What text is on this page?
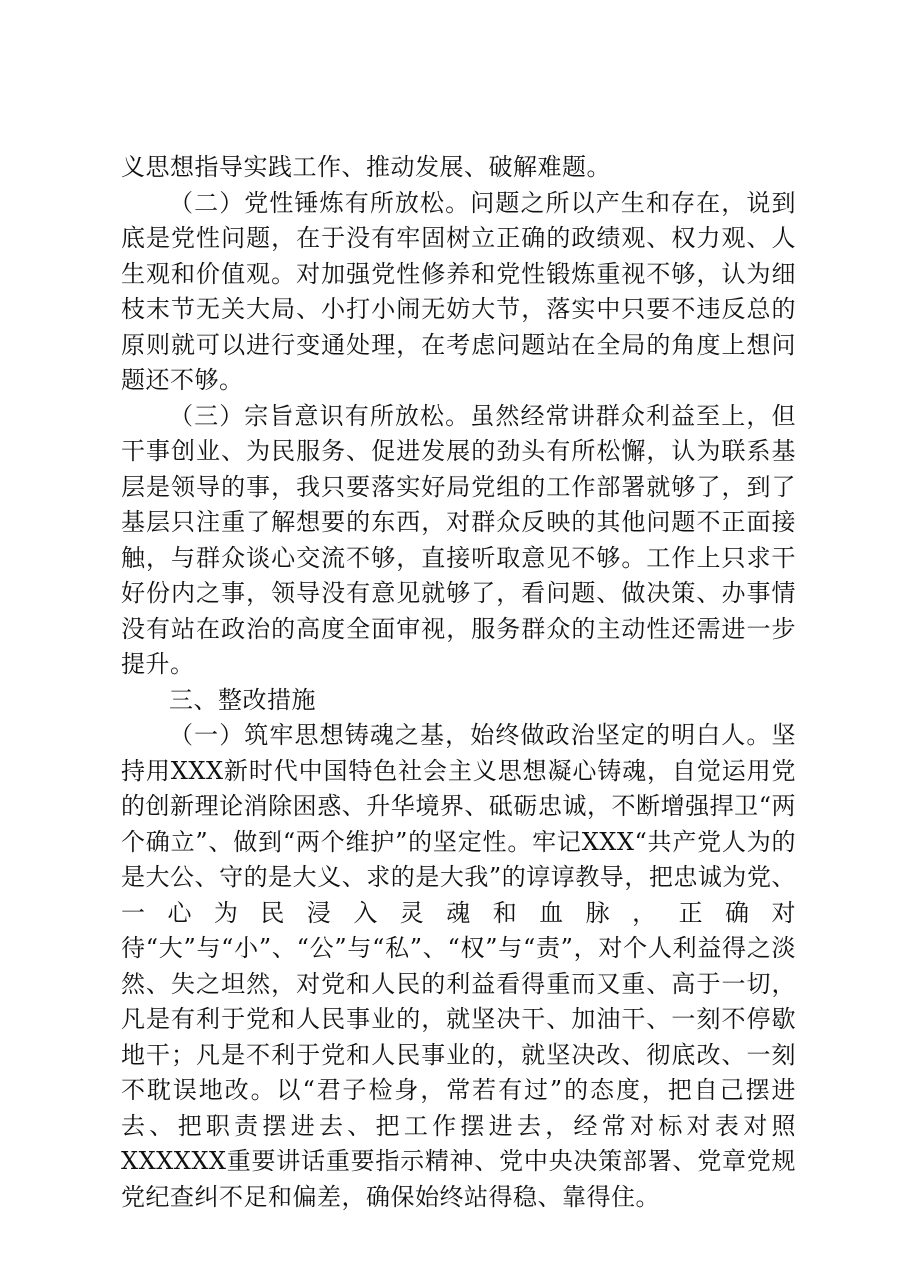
义思想指导实践工作、推动发展、破解难题。

（二）党性锤炼有所放松。问题之所以产生和存在，说到底是党性问题，在于没有牢固树立正确的政绩观、权力观、人生观和价值观。对加强党性修养和党性锻炼重视不够，认为细枝末节无关大局、小打小闹无妨大节，落实中只要不违反总的原则就可以进行变通处理，在考虑问题站在全局的角度上想问题还不够。

（三）宗旨意识有所放松。虽然经常讲群众利益至上，但干事创业、为民服务、促进发展的劲头有所松懈，认为联系基层是领导的事，我只要落实好局党组的工作部署就够了，到了基层只注重了解想要的东西，对群众反映的其他问题不正面接触，与群众谈心交流不够，直接听取意见不够。工作上只求干好份内之事，领导没有意见就够了，看问题、做决策、办事情没有站在政治的高度全面审视，服务群众的主动性还需进一步提升。

三、整改措施

（一）筑牢思想铸魂之基，始终做政治坚定的明白人。坚持用XXX新时代中国特色社会主义思想凝心铸魂，自觉运用党的创新理论消除困惑、升华境界、砥砺忠诚，不断增强捍卫“两个确立”、做到“两个维护”的坚定性。牢记XXX“共产党人为的是大公、守的是大义、求的是大我”的谆谆教导，把忠诚为党、一心为民浸入灵魂和血脉，正确对待“大”与“小”、“公”与“私”、“权”与“责”，对个人利益得之淡然、失之坦然，对党和人民的利益看得重而又重、高于一切，凡是有利于党和人民事业的，就坚决干、加油干、一刻不停歇地干；凡是不利于党和人民事业的，就坚决改、彻底改、一刻不耽误地改。以“君子检身，常若有过”的态度，把自己摆进去、把职责摆进去、把工作摆进去，经常对标对表对照XXXXXX重要讲话重要指示精神、党中央决策部署、党章党规党纪查纠不足和偏差，确保始终站得稳、靠得住。
